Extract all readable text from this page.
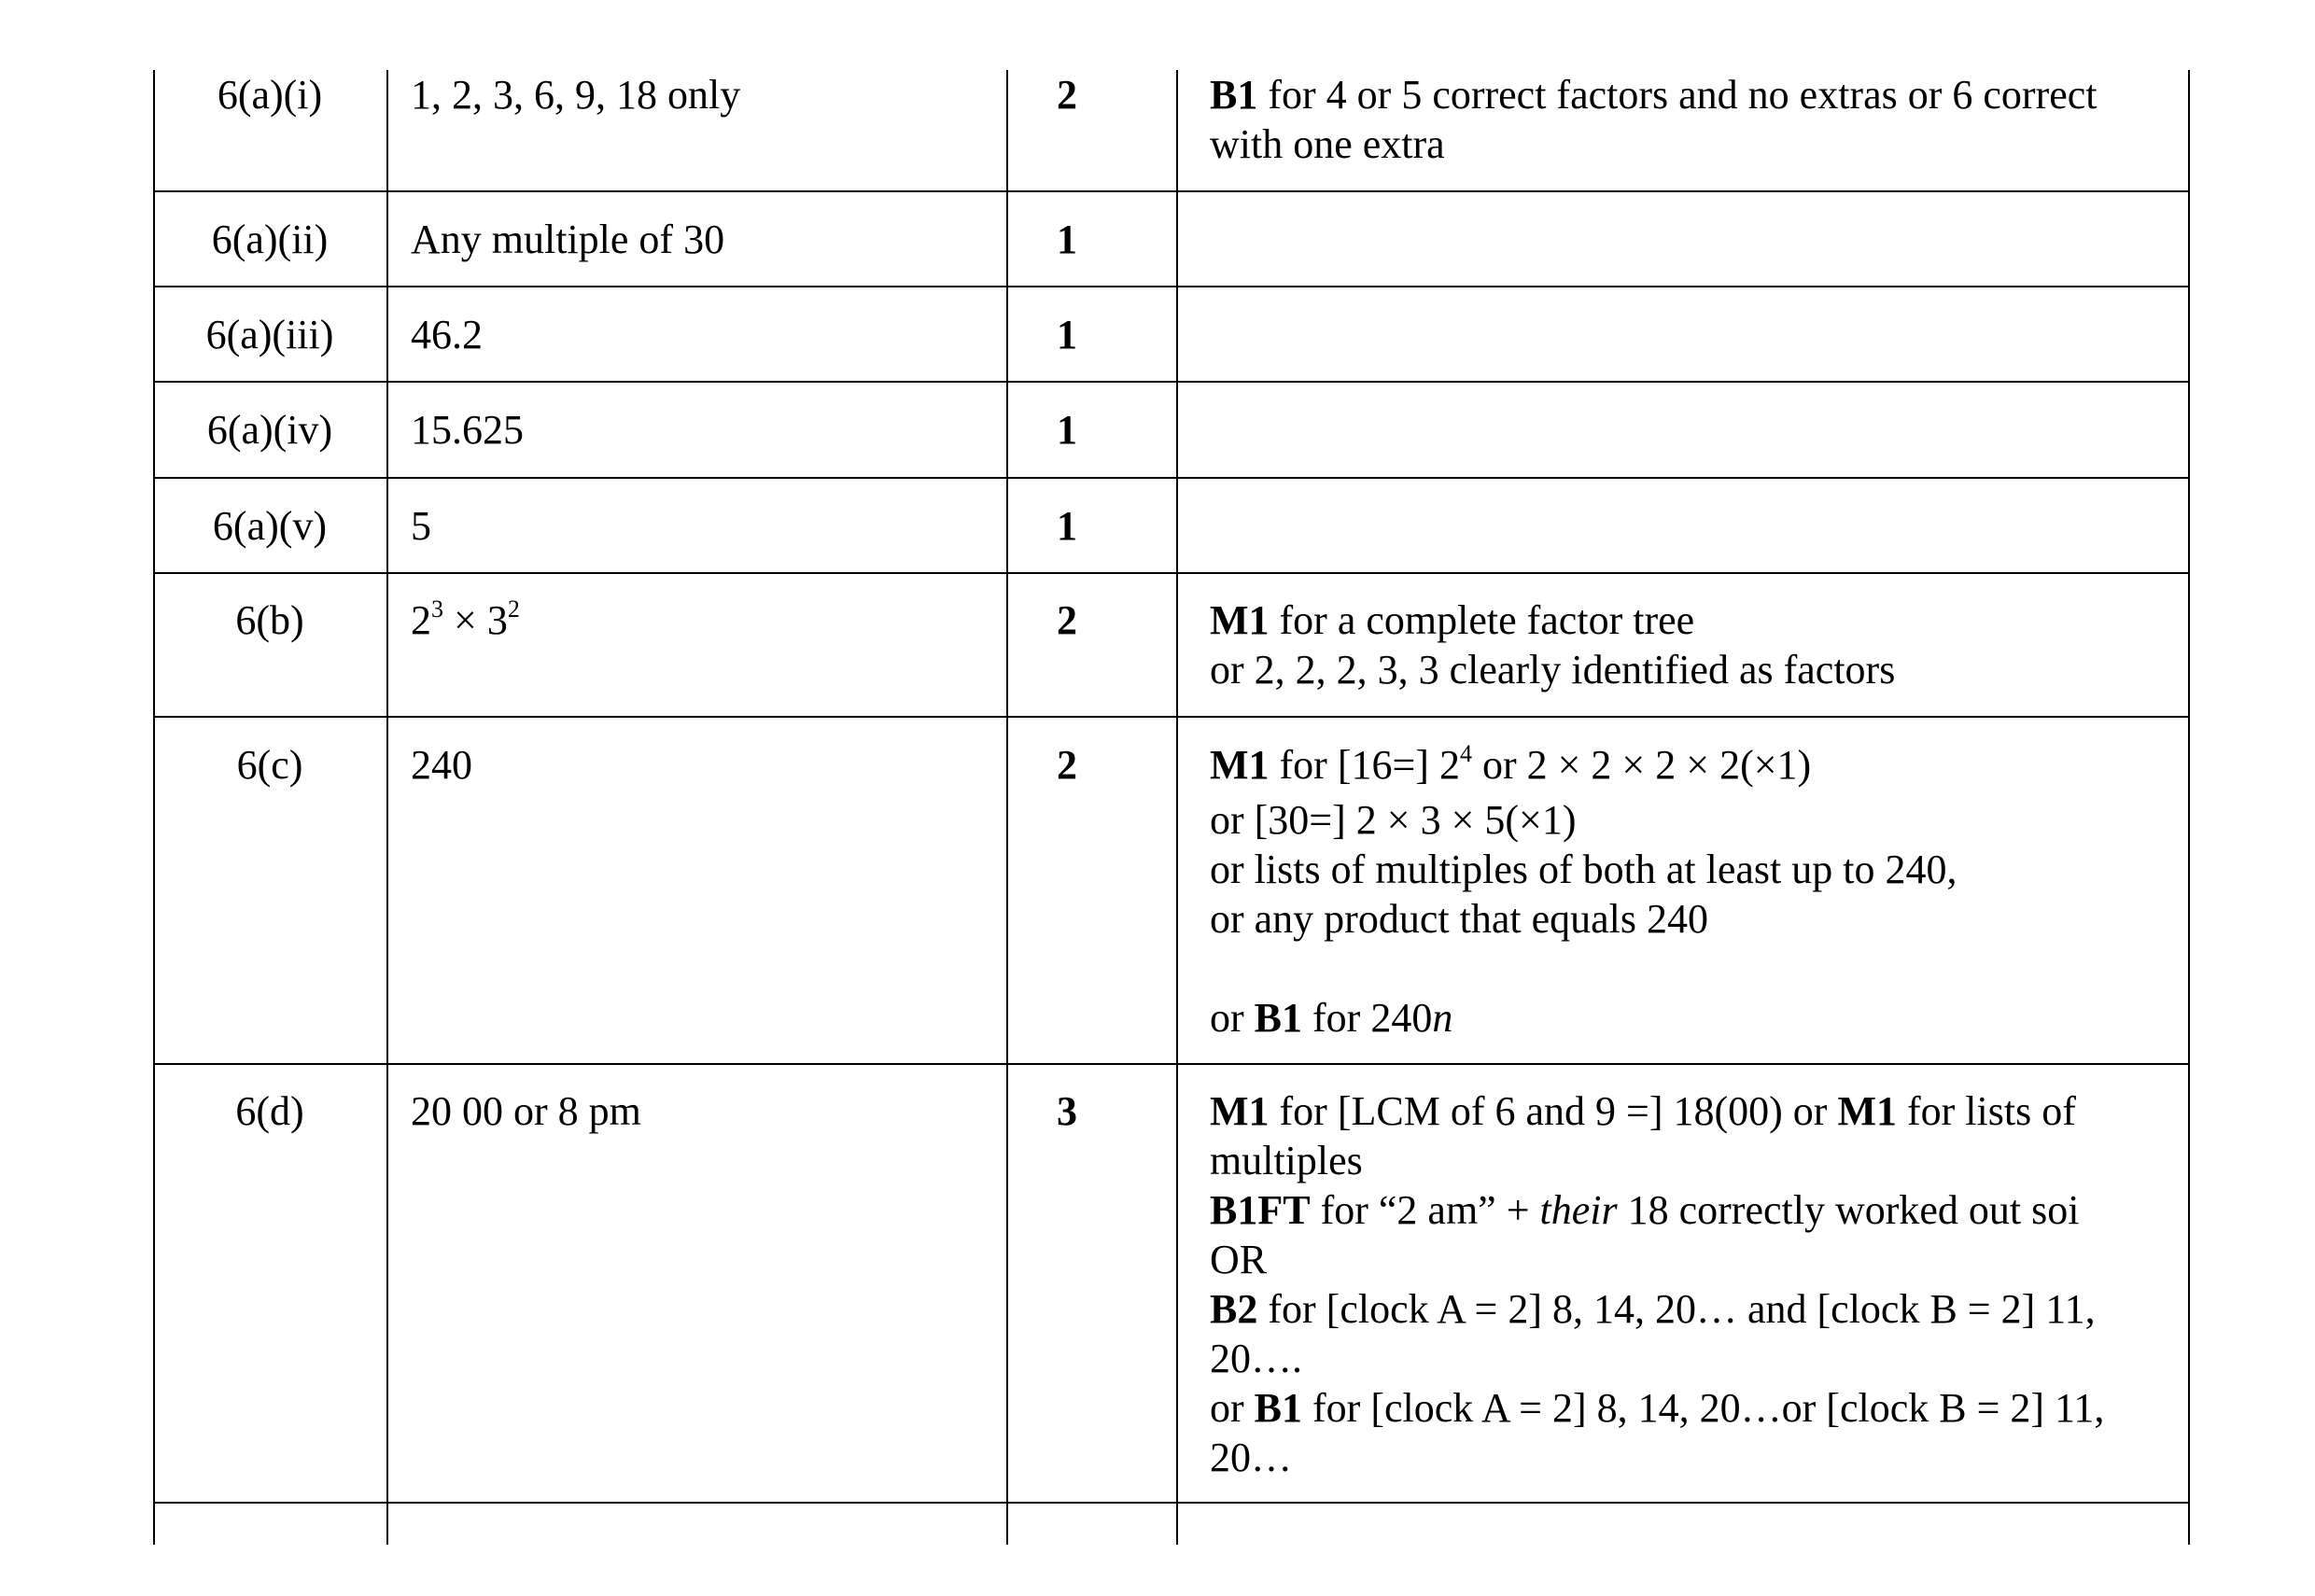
6(a)(i)	1, 2, 3, 6, 9, 18 only	2	B1 for 4 or 5 correct factors and no extras or 6 correct
with one extra
6(a)(ii)	Any multiple of 30	1
6(a)(iii)	46.2	1
6(a)(iv)	15.625	1
6(a)(v)	5	1
6(b)	$2^3 \times 3^2$	2	M1 for a complete factor tree
or 2, 2, 2, 3, 3 clearly identified as factors
6(c)	240	2	M1 for [16=] $2^4$ or 2 × 2 × 2 × 2(×1)
or [30=] 2 × 3 × 5(×1)
or lists of multiples of both at least up to 240,
or any product that equals 240
or B1 for 240n
6(d)	20 00 or 8 pm	3	M1 for [LCM of 6 and 9 =] 18(00) or M1 for lists of
multiples
B1FT for “2 am” + their 18 correctly worked out soi
OR
B2 for [clock A = 2] 8, 14, 20… and [clock B = 2] 11,
20….
or B1 for [clock A = 2] 8, 14, 20…or [clock B = 2] 11,
20…
